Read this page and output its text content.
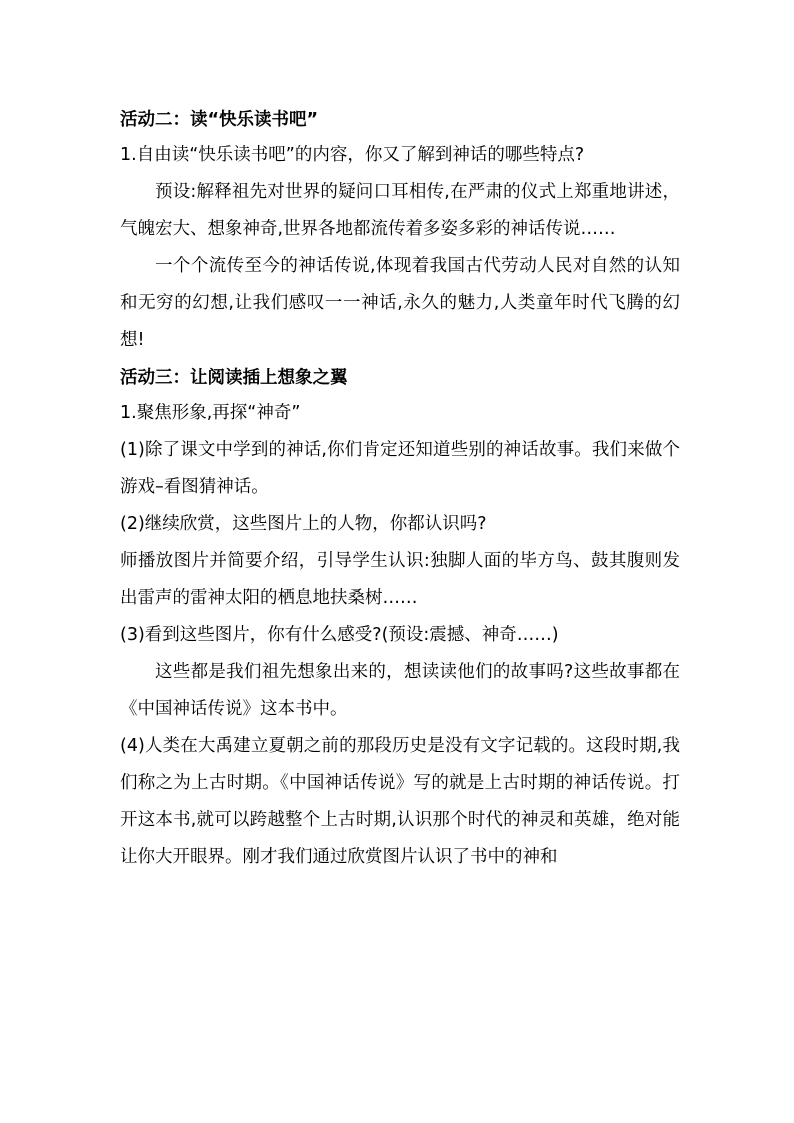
活动二：读“快乐读书吧”

1.自由读“快乐读书吧”的内容，你又了解到神话的哪些特点?

预设:解释祖先对世界的疑问口耳相传,在严肃的仪式上郑重地讲述，气魄宏大、想象神奇,世界各地都流传着多姿多彩的神话传说……

一个个流传至今的神话传说,体现着我国古代劳动人民对自然的认知和无穷的幻想,让我们感叹一一神话,永久的魅力,人类童年时代飞腾的幻想!

活动三：让阅读插上想象之翼

1.聚焦形象,再探“神奇”

(1)除了课文中学到的神话,你们肯定还知道些别的神话故事。我们来做个游戏–看图猜神话。

(2)继续欣赏，这些图片上的人物，你都认识吗?

师播放图片并简要介绍，引导学生认识:独脚人面的毕方鸟、鼓其腹则发出雷声的雷神太阳的栖息地扶桑树……

(3)看到这些图片，你有什么感受?(预设:震撼、神奇……)

这些都是我们祖先想象出来的，想读读他们的故事吗?这些故事都在《中国神话传说》这本书中。

(4)人类在大禹建立夏朝之前的那段历史是没有文字记载的。这段时期,我们称之为上古时期。《中国神话传说》写的就是上古时期的神话传说。打开这本书,就可以跨越整个上古时期,认识那个时代的神灵和英雄，绝对能让你大开眼界。刚才我们通过欣赏图片认识了书中的神和
